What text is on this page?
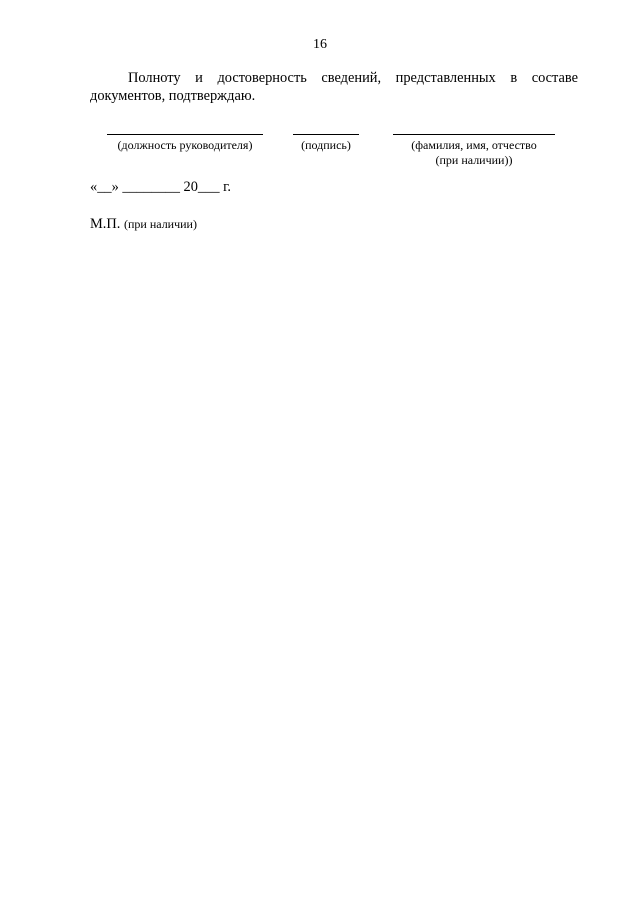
16
Полноту и достоверность сведений, представленных в составе
документов, подтверждаю.
(должность руководителя)	(подпись)	(фамилия, имя, отчество
(при наличии))
«__» ________ 20___ г.
М.П. (при наличии)
